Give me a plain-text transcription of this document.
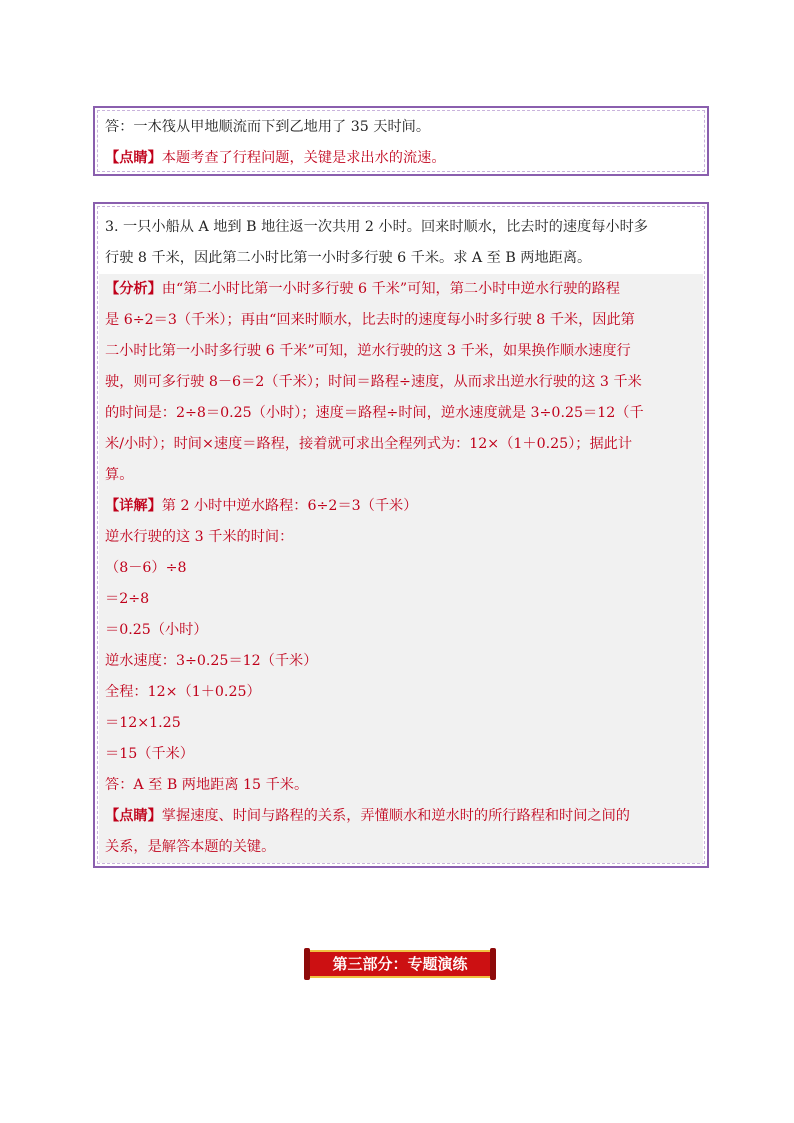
答：一木筏从甲地顺流而下到乙地用了 35 天时间。
【点睛】本题考查了行程问题，关键是求出水的流速。
3. 一只小船从 A 地到 B 地往返一次共用 2 小时。回来时顺水，比去时的速度每小时多
行驶 8 千米，因此第二小时比第一小时多行驶 6 千米。求 A 至 B 两地距离。
【分析】由“第二小时比第一小时多行驶 6 千米”可知，第二小时中逆水行驶的路程
是 6÷2＝3（千米）；再由“回来时顺水，比去时的速度每小时多行驶 8 千米，因此第
二小时比第一小时多行驶 6 千米”可知，逆水行驶的这 3 千米，如果换作顺水速度行
驶，则可多行驶 8－6＝2（千米）；时间＝路程÷速度，从而求出逆水行驶的这 3 千米
的时间是：2÷8＝0.25（小时）；速度＝路程÷时间，逆水速度就是 3÷0.25＝12（千
米/小时）；时间×速度＝路程，接着就可求出全程列式为：12×（1＋0.25）；据此计
算。
【详解】第 2 小时中逆水路程：6÷2＝3（千米）
逆水行驶的这 3 千米的时间：
（8－6）÷8
＝2÷8
＝0.25（小时）
逆水速度：3÷0.25＝12（千米）
全程：12×（1＋0.25）
＝12×1.25
＝15（千米）
答：A 至 B 两地距离 15 千米。
【点睛】掌握速度、时间与路程的关系，弄懂顺水和逆水时的所行路程和时间之间的
关系，是解答本题的关键。
第三部分：专题演练
